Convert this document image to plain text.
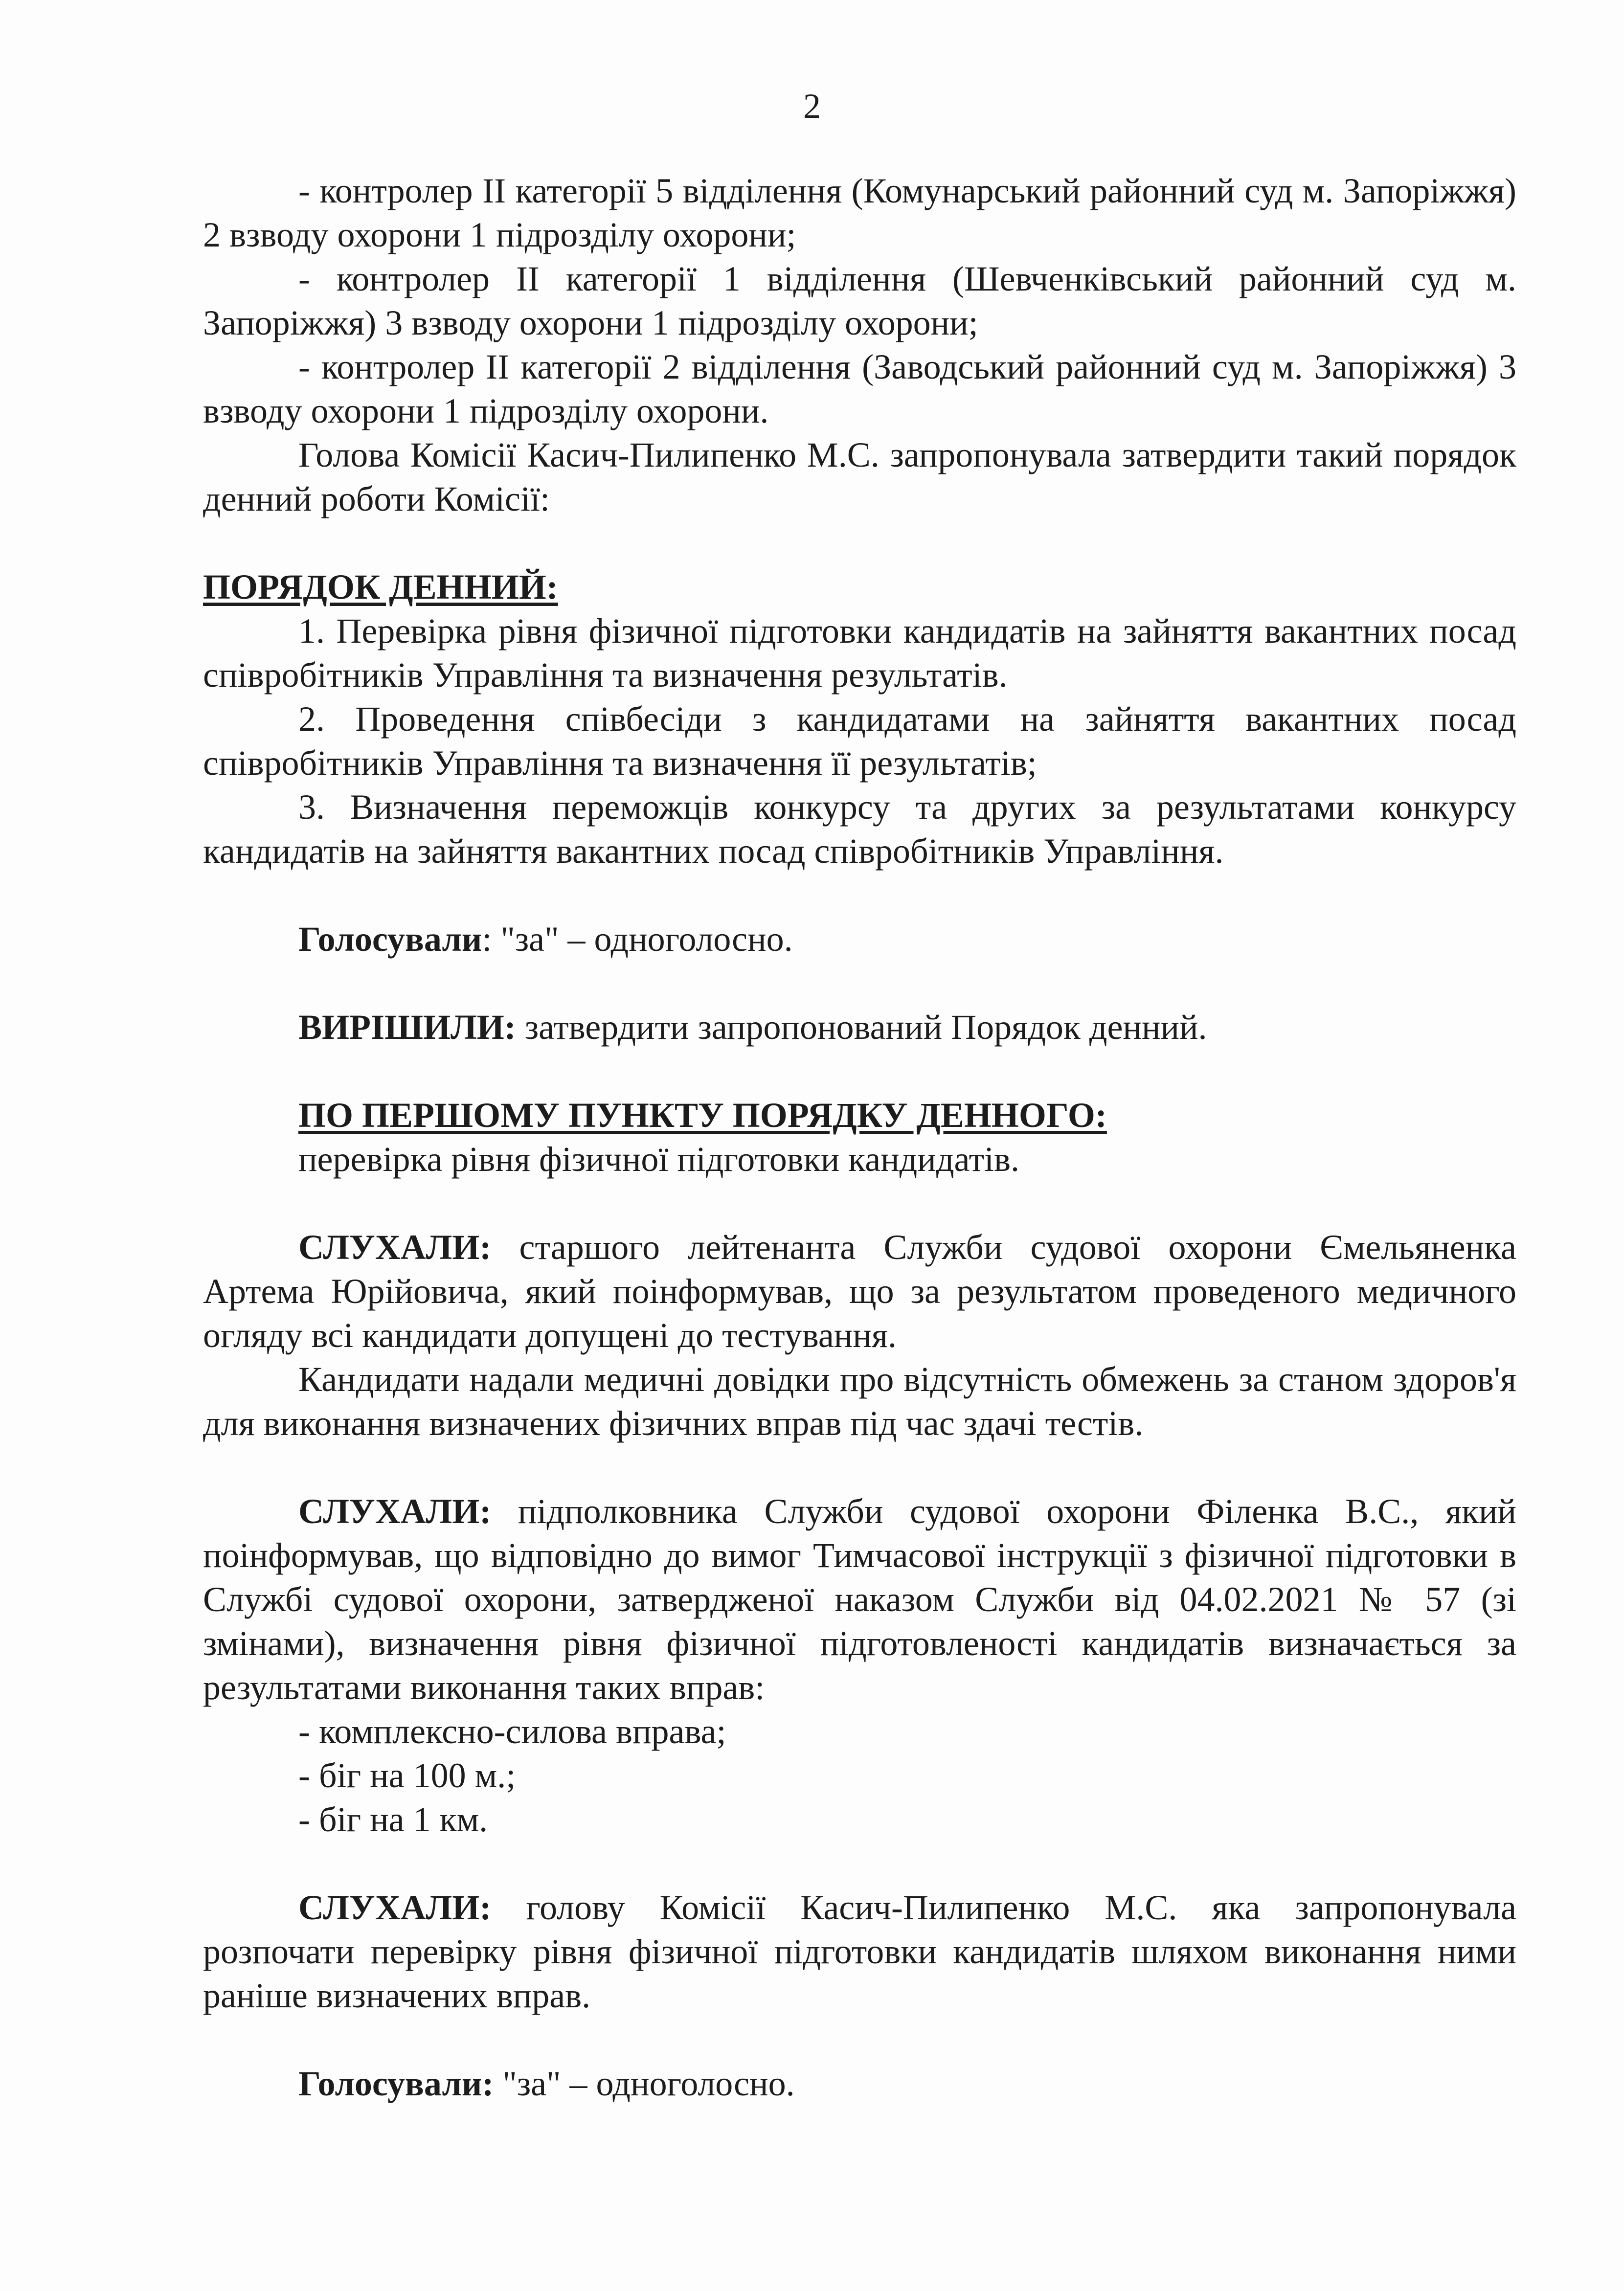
2

- контролер ІІ категорії 5 відділення (Комунарський районний суд м. Запоріжжя) 2 взводу охорони 1 підрозділу охорони;

- контролер ІІ категорії 1 відділення (Шевченківський районний суд м. Запоріжжя) 3 взводу охорони 1 підрозділу охорони;

- контролер ІІ категорії 2 відділення (Заводський районний суд м. Запоріжжя) 3 взводу охорони 1 підрозділу охорони.

Голова Комісії Касич-Пилипенко М.С. запропонувала затвердити такий порядок денний роботи Комісії:

ПОРЯДОК ДЕННИЙ:

1. Перевірка рівня фізичної підготовки кандидатів на зайняття вакантних посад співробітників Управління та визначення результатів.

2. Проведення співбесіди з кандидатами на зайняття вакантних посад співробітників Управління та визначення її результатів;

3. Визначення переможців конкурсу та других за результатами конкурсу кандидатів на зайняття вакантних посад співробітників Управління.

Голосували: "за" – одноголосно.

ВИРІШИЛИ: затвердити запропонований Порядок денний.

ПО ПЕРШОМУ ПУНКТУ ПОРЯДКУ ДЕННОГО:

перевірка рівня фізичної підготовки кандидатів.

СЛУХАЛИ: старшого лейтенанта Служби судової охорони Ємельяненка Артема Юрійовича, який поінформував, що за результатом проведеного медичного огляду всі кандидати допущені до тестування.

Кандидати надали медичні довідки про відсутність обмежень за станом здоров'я для виконання визначених фізичних вправ під час здачі тестів.

СЛУХАЛИ: підполковника Служби судової охорони Філенка В.С., який поінформував, що відповідно до вимог Тимчасової інструкції з фізичної підготовки в Службі судової охорони, затвердженої наказом Служби від 04.02.2021 № 57 (зі змінами), визначення рівня фізичної підготовленості кандидатів визначається за результатами виконання таких вправ:

- комплексно-силова вправа;

- біг на 100 м.;

- біг на 1 км.

СЛУХАЛИ: голову Комісії Касич-Пилипенко М.С. яка запропонувала розпочати перевірку рівня фізичної підготовки кандидатів шляхом виконання ними раніше визначених вправ.

Голосували: "за" – одноголосно.
